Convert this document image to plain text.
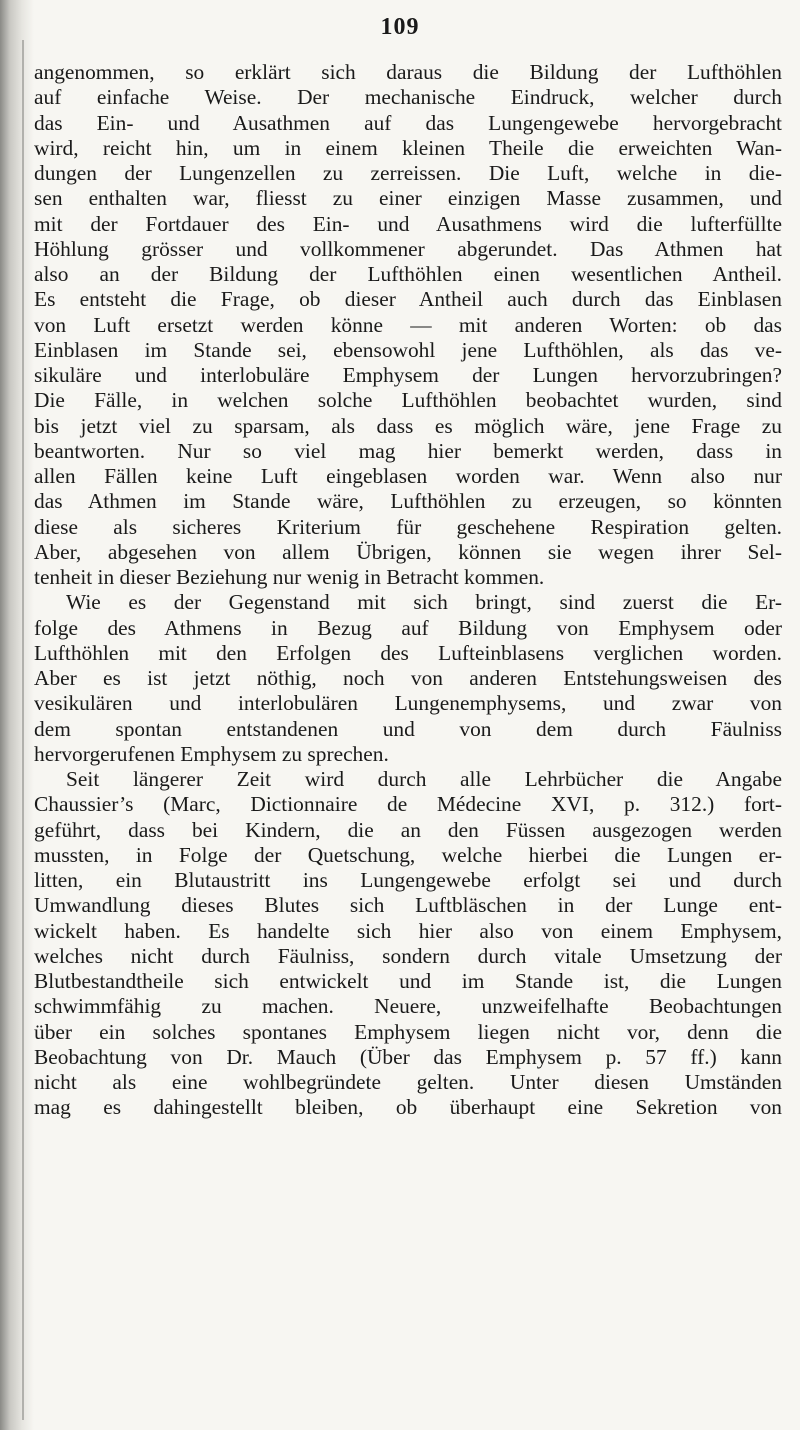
109
angenommen, so erklärt sich daraus die Bildung der Lufthöhlen
auf einfache Weise. Der mechanische Eindruck, welcher durch
das Ein- und Ausathmen auf das Lungengewebe hervorgebracht
wird, reicht hin, um in einem kleinen Theile die erweichten Wan-
dungen der Lungenzellen zu zerreissen. Die Luft, welche in die-
sen enthalten war, fliesst zu einer einzigen Masse zusammen, und
mit der Fortdauer des Ein- und Ausathmens wird die lufterfüllte
Höhlung grösser und vollkommener abgerundet. Das Athmen hat
also an der Bildung der Lufthöhlen einen wesentlichen Antheil.
Es entsteht die Frage, ob dieser Antheil auch durch das Einblasen
von Luft ersetzt werden könne — mit anderen Worten: ob das
Einblasen im Stande sei, ebensowohl jene Lufthöhlen, als das ve-
sikuläre und interlobuläre Emphysem der Lungen hervorzubringen?
Die Fälle, in welchen solche Lufthöhlen beobachtet wurden, sind
bis jetzt viel zu sparsam, als dass es möglich wäre, jene Frage zu
beantworten. Nur so viel mag hier bemerkt werden, dass in
allen Fällen keine Luft eingeblasen worden war. Wenn also nur
das Athmen im Stande wäre, Lufthöhlen zu erzeugen, so könnten
diese als sicheres Kriterium für geschehene Respiration gelten.
Aber, abgesehen von allem Übrigen, können sie wegen ihrer Sel-
tenheit in dieser Beziehung nur wenig in Betracht kommen.
Wie es der Gegenstand mit sich bringt, sind zuerst die Er-
folge des Athmens in Bezug auf Bildung von Emphysem oder
Lufthöhlen mit den Erfolgen des Lufteinblasens verglichen worden.
Aber es ist jetzt nöthig, noch von anderen Entstehungsweisen des
vesikulären und interlobulären Lungenemphysems, und zwar von
dem spontan entstandenen und von dem durch Fäulniss
hervorgerufenen Emphysem zu sprechen.
Seit längerer Zeit wird durch alle Lehrbücher die Angabe
Chaussier’s (Marc, Dictionnaire de Médecine XVI, p. 312.) fort-
geführt, dass bei Kindern, die an den Füssen ausgezogen werden
mussten, in Folge der Quetschung, welche hierbei die Lungen er-
litten, ein Blutaustritt ins Lungengewebe erfolgt sei und durch
Umwandlung dieses Blutes sich Luftbläschen in der Lunge ent-
wickelt haben. Es handelte sich hier also von einem Emphysem,
welches nicht durch Fäulniss, sondern durch vitale Umsetzung der
Blutbestandtheile sich entwickelt und im Stande ist, die Lungen
schwimmfähig zu machen. Neuere, unzweifelhafte Beobachtungen
über ein solches spontanes Emphysem liegen nicht vor, denn die
Beobachtung von Dr. Mauch (Über das Emphysem p. 57 ff.) kann
nicht als eine wohlbegründete gelten. Unter diesen Umständen
mag es dahingestellt bleiben, ob überhaupt eine Sekretion von
